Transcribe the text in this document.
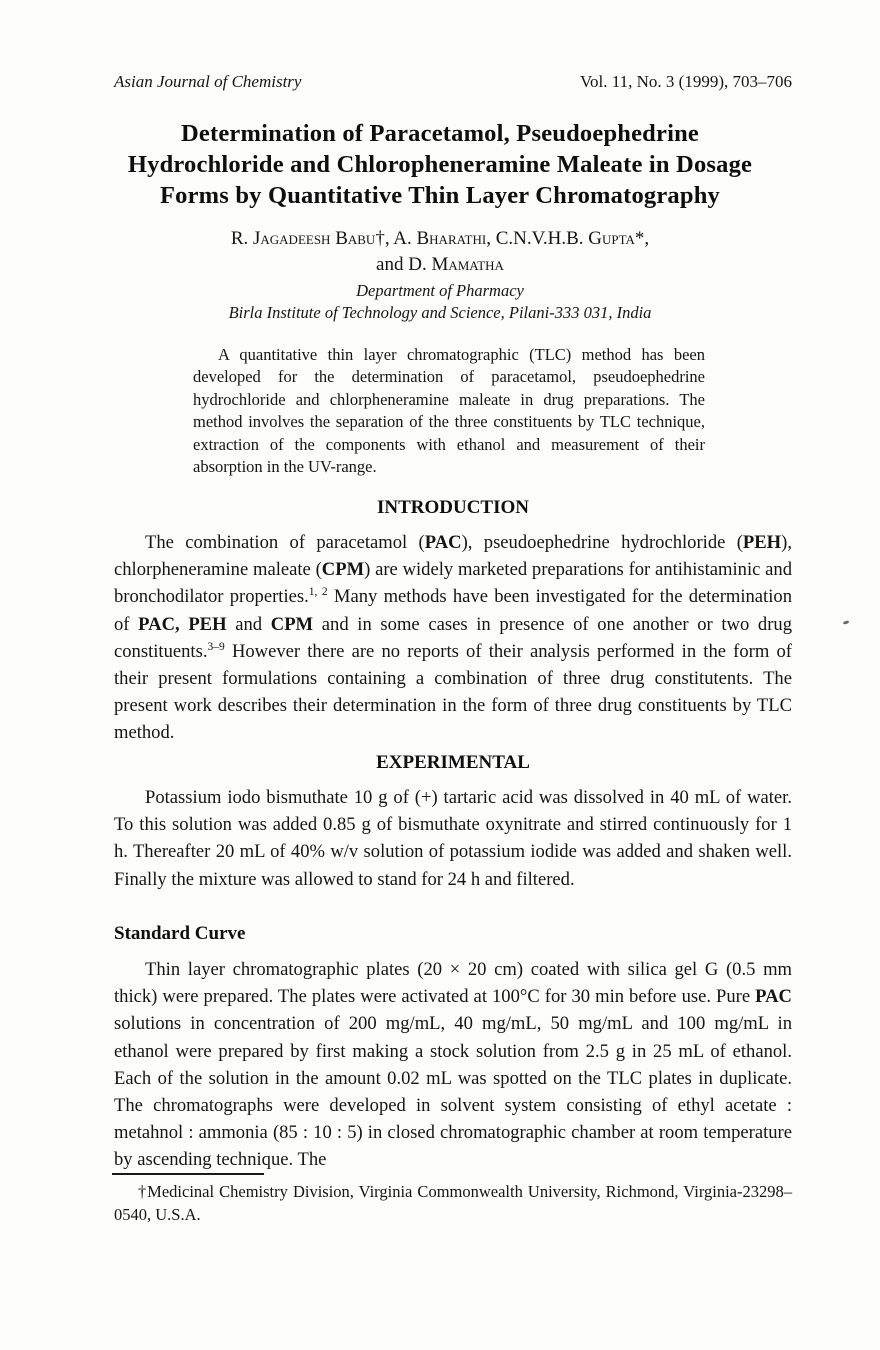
Asian Journal of Chemistry	Vol. 11, No. 3 (1999), 703–706
Determination of Paracetamol, Pseudoephedrine
Hydrochloride and Chloropheneramine Maleate in Dosage
Forms by Quantitative Thin Layer Chromatography
R. Jagadeesh Babu†, A. Bharathi, C.N.V.H.B. Gupta*,
and D. Mamatha
Department of Pharmacy
Birla Institute of Technology and Science, Pilani-333 031, India
A quantitative thin layer chromatographic (TLC) method has been developed for the determination of paracetamol, pseudoephedrine hydrochloride and chlorpheneramine maleate in drug preparations. The method involves the separation of the three constituents by TLC technique, extraction of the components with ethanol and measurement of their absorption in the UV-range.
INTRODUCTION
The combination of paracetamol (PAC), pseudoephedrine hydrochloride (PEH), chlorpheneramine maleate (CPM) are widely marketed preparations for antihistaminic and bronchodilator properties.$^{1, 2}$ Many methods have been investigated for the determination of PAC, PEH and CPM and in some cases in presence of one another or two drug constituents.$^{3-9}$ However there are no reports of their analysis performed in the form of their present formulations containing a combination of three drug constitutents. The present work describes their determination in the form of three drug constituents by TLC method.
EXPERIMENTAL
Potassium iodo bismuthate 10 g of (+) tartaric acid was dissolved in 40 mL of water. To this solution was added 0.85 g of bismuthate oxynitrate and stirred continuously for 1 h. Thereafter 20 mL of 40% w/v solution of potassium iodide was added and shaken well. Finally the mixture was allowed to stand for 24 h and filtered.
Standard Curve
Thin layer chromatographic plates (20 × 20 cm) coated with silica gel G (0.5 mm thick) were prepared. The plates were activated at 100°C for 30 min before use. Pure PAC solutions in concentration of 200 mg/mL, 40 mg/mL, 50 mg/mL and 100 mg/mL in ethanol were prepared by first making a stock solution from 2.5 g in 25 mL of ethanol. Each of the solution in the amount 0.02 mL was spotted on the TLC plates in duplicate. The chromatographs were developed in solvent system consisting of ethyl acetate : metahnol : ammonia (85 : 10 : 5) in closed chromatographic chamber at room temperature by ascending technique. The
†Medicinal Chemistry Division, Virginia Commonwealth University, Richmond, Virginia-23298–0540, U.S.A.
